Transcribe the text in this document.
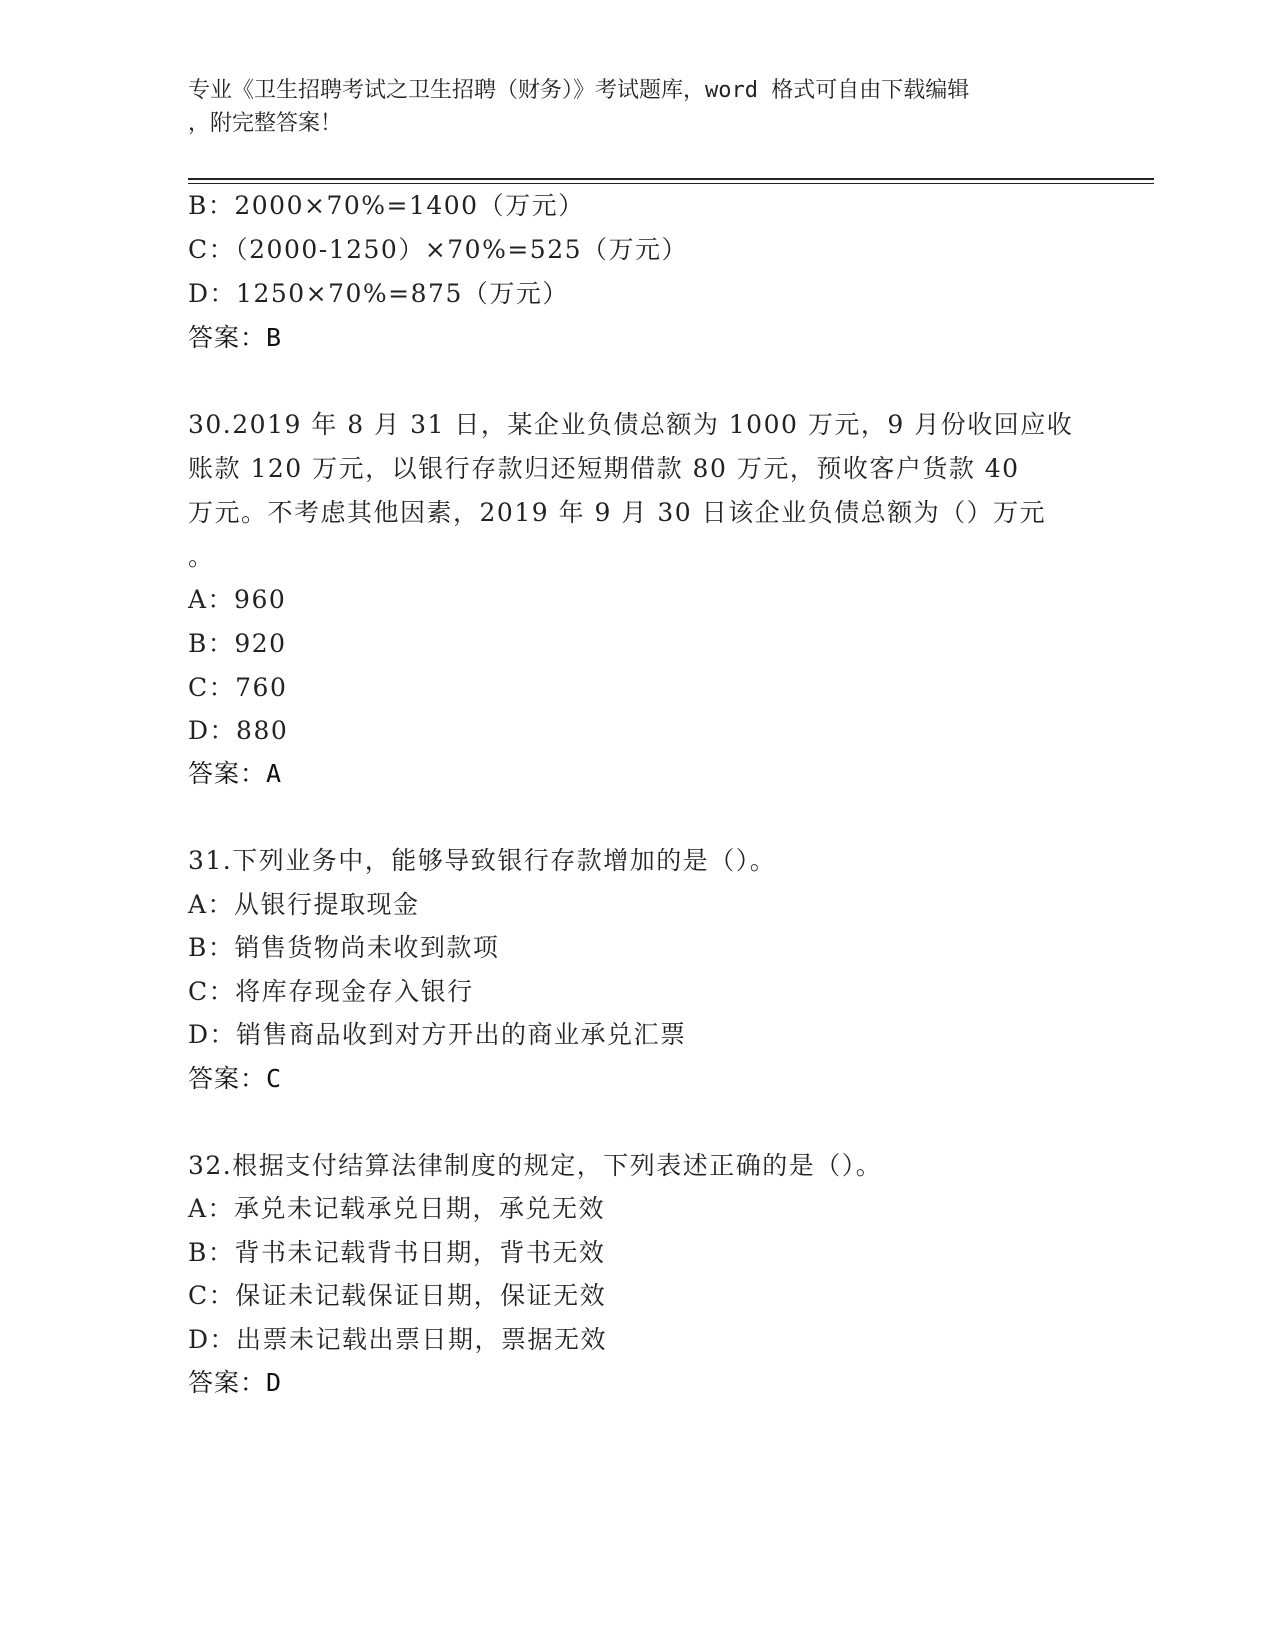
专业《卫生招聘考试之卫生招聘（财务）》考试题库，word 格式可自由下载编辑
，附完整答案！
B：2000×70%=1400（万元）
C：（2000-1250）×70%=525（万元）
D：1250×70%=875（万元）
答案：B
30.2019 年 8 月 31 日，某企业负债总额为 1000 万元，9 月份收回应收
账款 120 万元，以银行存款归还短期借款 80 万元，预收客户货款 40
万元。不考虑其他因素，2019 年 9 月 30 日该企业负债总额为（）万元
。
A：960
B：920
C：760
D：880
答案：A
31.下列业务中，能够导致银行存款增加的是（）。
A：从银行提取现金
B：销售货物尚未收到款项
C：将库存现金存入银行
D：销售商品收到对方开出的商业承兑汇票
答案：C
32.根据支付结算法律制度的规定，下列表述正确的是（）。
A：承兑未记载承兑日期，承兑无效
B：背书未记载背书日期，背书无效
C：保证未记载保证日期，保证无效
D：出票未记载出票日期，票据无效
答案：D
